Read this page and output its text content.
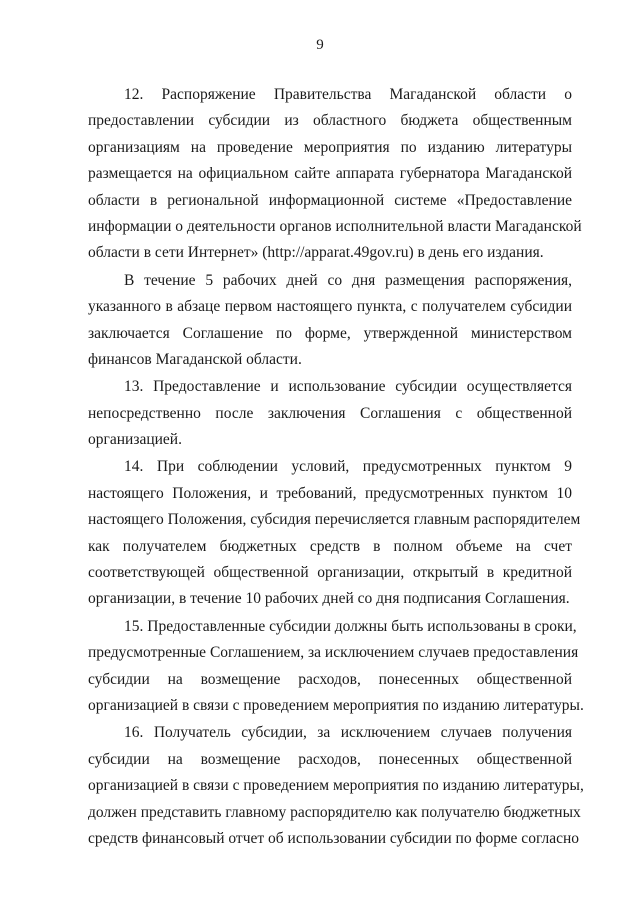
9
12. Распоряжение Правительства Магаданской области о
предоставлении субсидии из областного бюджета общественным
организациям на проведение мероприятия по изданию литературы
размещается на официальном сайте аппарата губернатора Магаданской
области в региональной информационной системе «Предоставление
информации о деятельности органов исполнительной власти Магаданской
области в сети Интернет» (http://apparat.49gov.ru) в день его издания.
В течение 5 рабочих дней со дня размещения распоряжения,
указанного в абзаце первом настоящего пункта, с получателем субсидии
заключается Соглашение по форме, утвержденной министерством
финансов Магаданской области.
13. Предоставление и использование субсидии осуществляется
непосредственно после заключения Соглашения с общественной
организацией.
14. При соблюдении условий, предусмотренных пунктом 9
настоящего Положения, и требований, предусмотренных пунктом 10
настоящего Положения, субсидия перечисляется главным распорядителем
как получателем бюджетных средств в полном объеме на счет
соответствующей общественной организации, открытый в кредитной
организации, в течение 10 рабочих дней со дня подписания Соглашения.
15. Предоставленные субсидии должны быть использованы в сроки,
предусмотренные Соглашением, за исключением случаев предоставления
субсидии на возмещение расходов, понесенных общественной
организацией в связи с проведением мероприятия по изданию литературы.
16. Получатель субсидии, за исключением случаев получения
субсидии на возмещение расходов, понесенных общественной
организацией в связи с проведением мероприятия по изданию литературы,
должен представить главному распорядителю как получателю бюджетных
средств финансовый отчет об использовании субсидии по форме согласно
